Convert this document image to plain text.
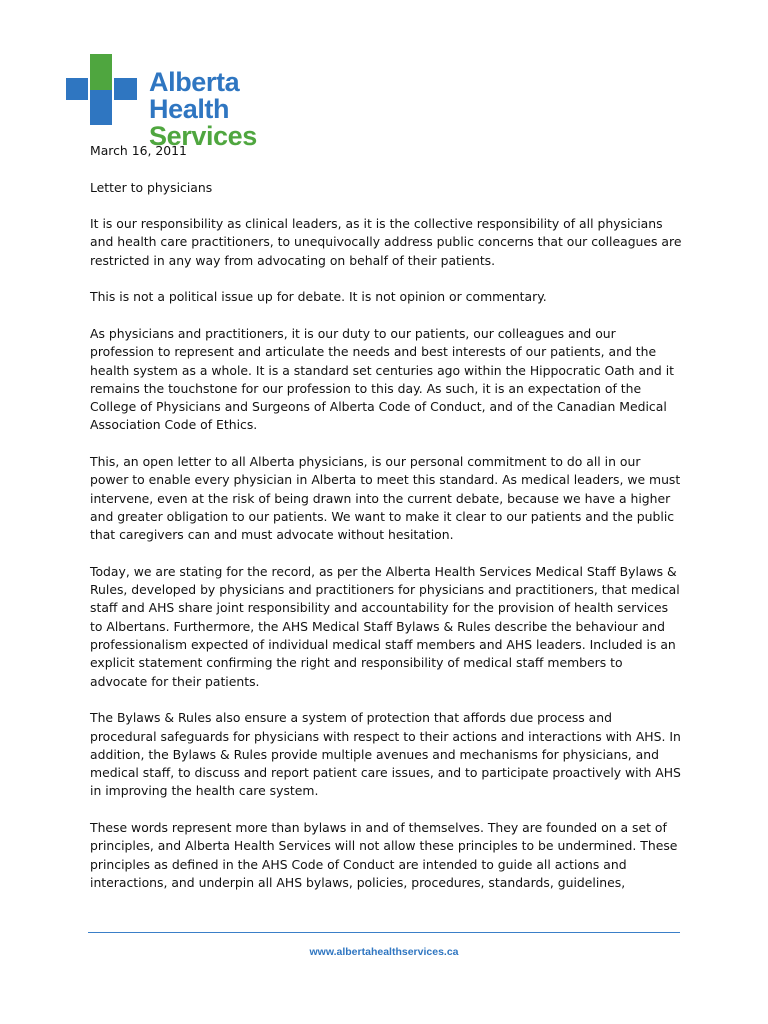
Alberta Health
Services

March 16, 2011

Letter to physicians

It is our responsibility as clinical leaders, as it is the collective responsibility of all physicians and health care practitioners, to unequivocally address public concerns that our colleagues are restricted in any way from advocating on behalf of their patients.

This is not a political issue up for debate. It is not opinion or commentary.

As physicians and practitioners, it is our duty to our patients, our colleagues and our profession to represent and articulate the needs and best interests of our patients, and the health system as a whole. It is a standard set centuries ago within the Hippocratic Oath and it remains the touchstone for our profession to this day. As such, it is an expectation of the College of Physicians and Surgeons of Alberta Code of Conduct, and of the Canadian Medical Association Code of Ethics.

This, an open letter to all Alberta physicians, is our personal commitment to do all in our power to enable every physician in Alberta to meet this standard. As medical leaders, we must intervene, even at the risk of being drawn into the current debate, because we have a higher and greater obligation to our patients. We want to make it clear to our patients and the public that caregivers can and must advocate without hesitation.

Today, we are stating for the record, as per the Alberta Health Services Medical Staff Bylaws & Rules, developed by physicians and practitioners for physicians and practitioners, that medical staff and AHS share joint responsibility and accountability for the provision of health services to Albertans. Furthermore, the AHS Medical Staff Bylaws & Rules describe the behaviour and professionalism expected of individual medical staff members and AHS leaders. Included is an explicit statement confirming the right and responsibility of medical staff members to advocate for their patients.

The Bylaws & Rules also ensure a system of protection that affords due process and procedural safeguards for physicians with respect to their actions and interactions with AHS. In addition, the Bylaws & Rules provide multiple avenues and mechanisms for physicians, and medical staff, to discuss and report patient care issues, and to participate proactively with AHS in improving the health care system.

These words represent more than bylaws in and of themselves. They are founded on a set of principles, and Alberta Health Services will not allow these principles to be undermined. These principles as defined in the AHS Code of Conduct are intended to guide all actions and interactions, and underpin all AHS bylaws, policies, procedures, standards, guidelines,

www.albertahealthservices.ca
